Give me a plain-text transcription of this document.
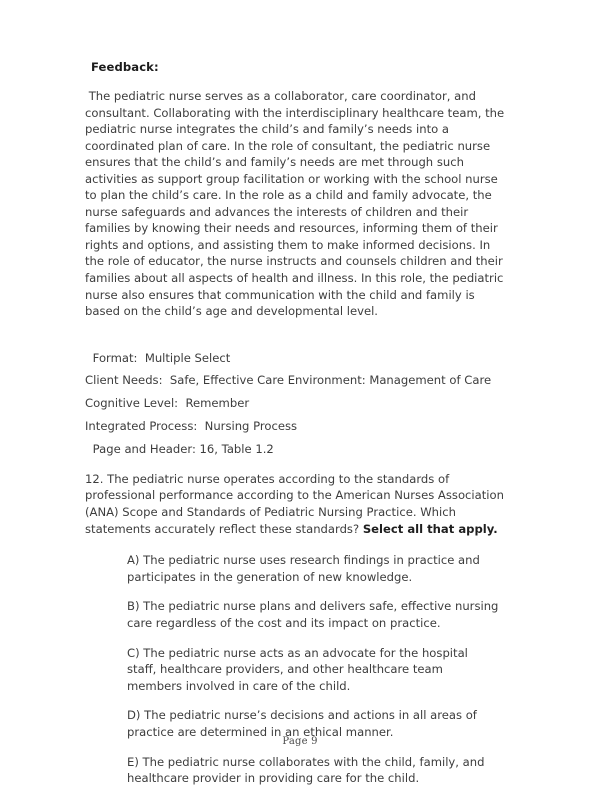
Feedback:

The pediatric nurse serves as a collaborator, care coordinator, and consultant. Collaborating with the interdisciplinary healthcare team, the pediatric nurse integrates the child’s and family’s needs into a coordinated plan of care. In the role of consultant, the pediatric nurse ensures that the child’s and family’s needs are met through such activities as support group facilitation or working with the school nurse to plan the child’s care. In the role as a child and family advocate, the nurse safeguards and advances the interests of children and their families by knowing their needs and resources, informing them of their rights and options, and assisting them to make informed decisions. In the role of educator, the nurse instructs and counsels children and their families about all aspects of health and illness. In this role, the pediatric nurse also ensures that communication with the child and family is based on the child’s age and developmental level.

Format:  Multiple Select

Client Needs:  Safe, Effective Care Environment: Management of Care

Cognitive Level:  Remember

Integrated Process:  Nursing Process

Page and Header: 16, Table 1.2

12. The pediatric nurse operates according to the standards of professional performance according to the American Nurses Association (ANA) Scope and Standards of Pediatric Nursing Practice. Which statements accurately reflect these standards? Select all that apply.

A) The pediatric nurse uses research findings in practice and participates in the generation of new knowledge.
B) The pediatric nurse plans and delivers safe, effective nursing care regardless of the cost and its impact on practice.
C) The pediatric nurse acts as an advocate for the hospital staff, healthcare providers, and other healthcare team members involved in care of the child.
D) The pediatric nurse’s decisions and actions in all areas of practice are determined in an ethical manner.
E) The pediatric nurse collaborates with the child, family, and healthcare provider in providing care for the child.
Page 9
